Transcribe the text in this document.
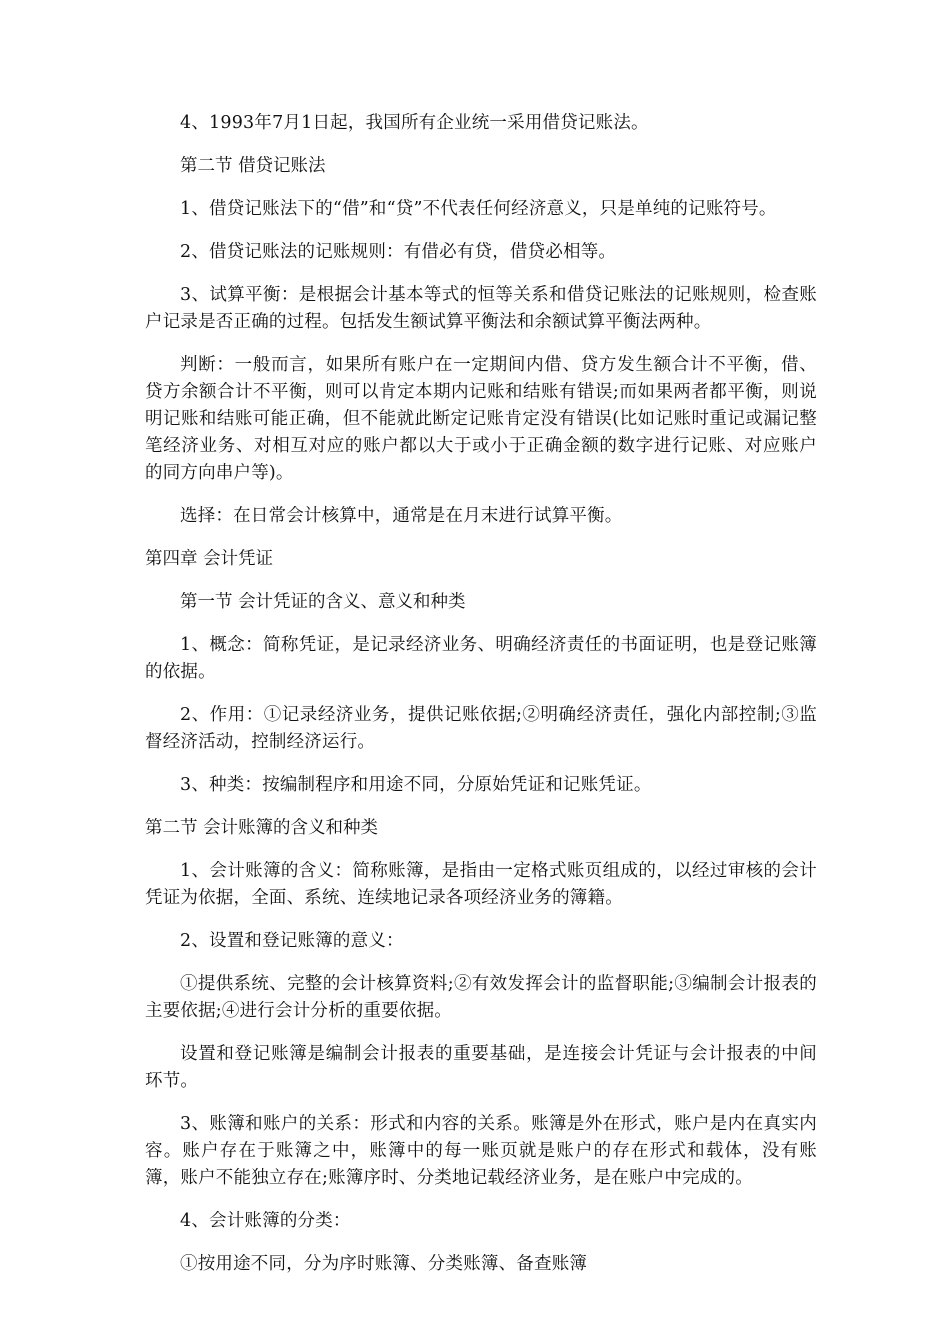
4、1993年7月1日起，我国所有企业统一采用借贷记账法。

第二节 借贷记账法

1、借贷记账法下的“借”和“贷”不代表任何经济意义，只是单纯的记账符号。

2、借贷记账法的记账规则：有借必有贷，借贷必相等。

3、试算平衡：是根据会计基本等式的恒等关系和借贷记账法的记账规则，检查账户记录是否正确的过程。包括发生额试算平衡法和余额试算平衡法两种。

判断：一般而言，如果所有账户在一定期间内借、贷方发生额合计不平衡，借、贷方余额合计不平衡，则可以肯定本期内记账和结账有错误;而如果两者都平衡，则说明记账和结账可能正确，但不能就此断定记账肯定没有错误(比如记账时重记或漏记整笔经济业务、对相互对应的账户都以大于或小于正确金额的数字进行记账、对应账户的同方向串户等)。

选择：在日常会计核算中，通常是在月末进行试算平衡。

第四章 会计凭证

第一节 会计凭证的含义、意义和种类

1、概念：简称凭证，是记录经济业务、明确经济责任的书面证明，也是登记账簿的依据。

2、作用：①记录经济业务，提供记账依据;②明确经济责任，强化内部控制;③监督经济活动，控制经济运行。

3、种类：按编制程序和用途不同，分原始凭证和记账凭证。

第二节 会计账簿的含义和种类

1、会计账簿的含义：简称账簿，是指由一定格式账页组成的，以经过审核的会计凭证为依据，全面、系统、连续地记录各项经济业务的簿籍。

2、设置和登记账簿的意义：

①提供系统、完整的会计核算资料;②有效发挥会计的监督职能;③编制会计报表的主要依据;④进行会计分析的重要依据。

设置和登记账簿是编制会计报表的重要基础，是连接会计凭证与会计报表的中间环节。

3、账簿和账户的关系：形式和内容的关系。账簿是外在形式，账户是内在真实内容。账户存在于账簿之中，账簿中的每一账页就是账户的存在形式和载体，没有账簿，账户不能独立存在;账簿序时、分类地记载经济业务，是在账户中完成的。

4、会计账簿的分类：

①按用途不同，分为序时账簿、分类账簿、备查账簿
